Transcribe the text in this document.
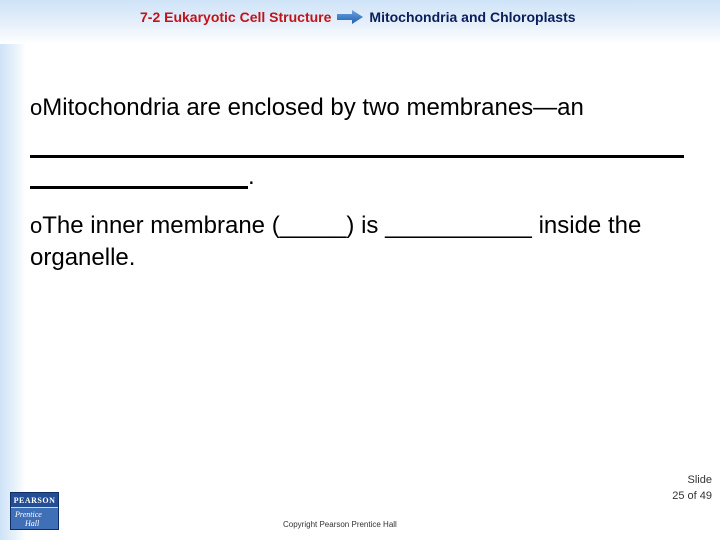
7-2 Eukaryotic Cell Structure	Mitochondria and Chloroplasts
oMitochondria are enclosed by two membranes—an
.
oThe inner membrane (_____) is ___________ inside the organelle.
Slide
25 of 49
Copyright Pearson Prentice Hall
PEARSON
Prentice
Hall
